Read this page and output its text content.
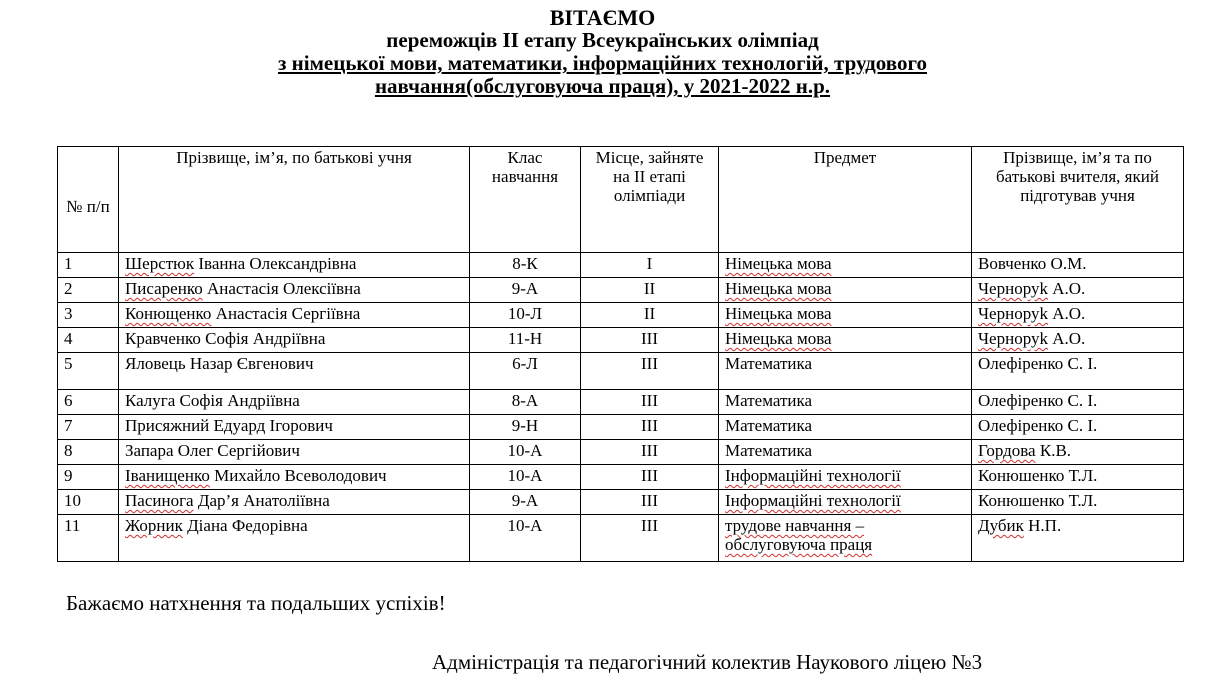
ВІТАЄМО
переможців ІІ етапу Всеукраїнських олімпіад
з німецької мови, математики, інформаційних технологій, трудового
навчання(обслуговуюча праця), у 2021-2022 н.р.
№ п/п	Прізвище, ім’я, по батькові учня	Клас навчання	Місце, зайняте на ІІ етапі олімпіади	Предмет	Прізвище, ім’я та по батькові вчителя, який підготував учня
1	Шерстюк Іванна Олександрівна	8-К	І	Німецька мова	Вовченко О.М.
2	Писаренко Анастасія Олексіївна	9-А	ІІ	Німецька мова	Черноруk А.О.
3	Конющенко Анастасія Сергіївна	10-Л	ІІ	Німецька мова	Черноруk А.О.
4	Кравченко Софія Андріївна	11-Н	ІІІ	Німецька мова	Черноруk А.О.
5	Яловець Назар Євгенович	6-Л	ІІІ	Математика	Олефіренко С. І.
6	Калуга Софія Андріївна	8-А	ІІІ	Математика	Олефіренко С. І.
7	Присяжний Едуард Ігорович	9-Н	ІІІ	Математика	Олефіренко С. І.
8	Запара Олег Сергійович	10-А	ІІІ	Математика	Гордова К.В.
9	Іванищенко Михайло Всеволодович	10-А	ІІІ	Інформаційні технології	Конюшенко Т.Л.
10	Пасинога Дар’я Анатоліївна	9-А	ІІІ	Інформаційні технології	Конюшенко Т.Л.
11	Жорник Діана Федорівна	10-А	ІІІ	трудове навчання – обслуговуюча праця	Дубик Н.П.
Бажаємо натхнення та подальших успіхів!
Адміністрація та педагогічний колектив Наукового ліцею №3
